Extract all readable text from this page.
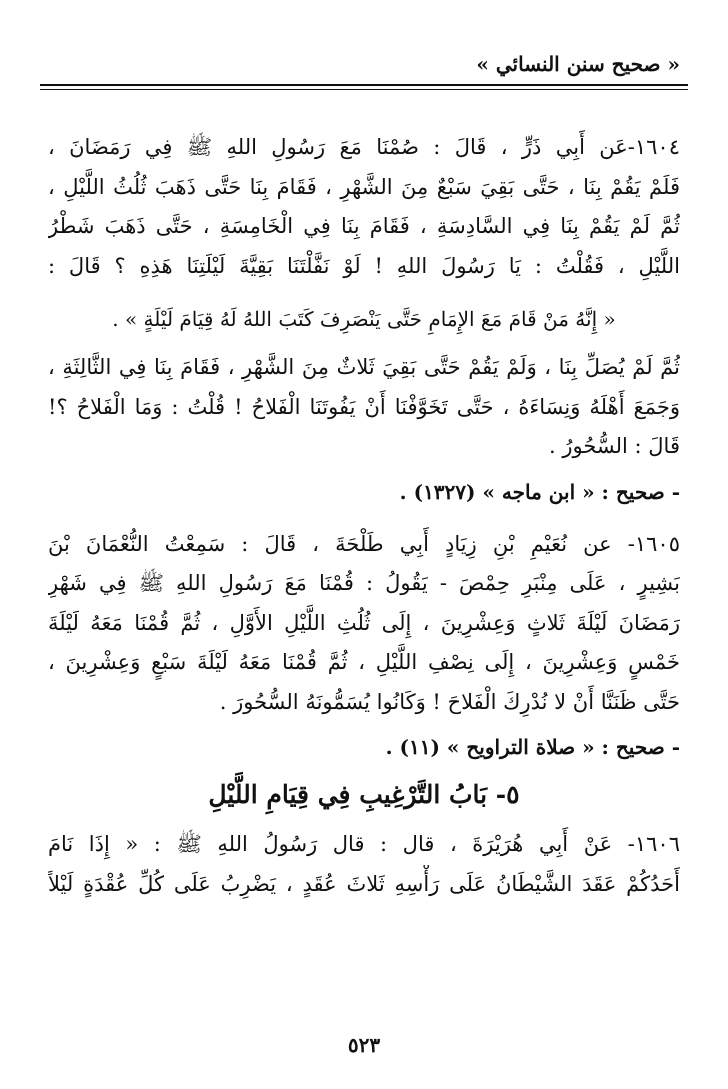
« صحيح سنن النسائي »
١٦٠٤-عَن أَبِي ذَرٍّ ، قَالَ : صُمْنَا مَعَ رَسُولِ اللهِ ﷺ فِي رَمَضَانَ ،
فَلَمْ يَقُمْ بِنَا ، حَتَّى بَقِيَ سَبْعٌ مِنَ الشَّهْرِ ، فَقَامَ بِنَا حَتَّى ذَهَبَ ثُلُثُ اللَّيْلِ ،
ثُمَّ لَمْ يَقُمْ بِنَا فِي السَّادِسَةِ ، فَقَامَ بِنَا فِي الْخَامِسَةِ ، حَتَّى ذَهَبَ شَطْرُ
اللَّيْلِ ، فَقُلْتُ : يَا رَسُولَ اللهِ ! لَوْ نَفَّلْتَنَا بَقِيَّةَ لَيْلَتِنَا هَذِهِ ؟ قَالَ :
« إِنَّهُ مَنْ قَامَ مَعَ الإِمَامِ حَتَّى يَنْصَرِفَ كَتَبَ اللهُ لَهُ قِيَامَ لَيْلَةٍ » .
ثُمَّ لَمْ يُصَلِّ بِنَا ، وَلَمْ يَقُمْ حَتَّى بَقِيَ ثَلاثٌ مِنَ الشَّهْرِ ، فَقَامَ بِنَا فِي الثَّالِثَةِ ،
وَجَمَعَ أَهْلَهُ وَنِسَاءَهُ ، حَتَّى تَخَوَّفْنَا أَنْ يَفُوتَنَا الْفَلاحُ ! قُلْتُ : وَمَا الْفَلاحُ ؟!
قَالَ : السُّحُورُ .
- صحيح : « ابن ماجه » (١٣٢٧) .
١٦٠٥- عن نُعَيْمِ بْنِ زِيَادٍ أَبِي طَلْحَةَ ، قَالَ : سَمِعْتُ النُّعْمَانَ بْنَ
بَشِيرٍ ، عَلَى مِنْبَرِ حِمْصَ - يَقُولُ : قُمْنَا مَعَ رَسُولِ اللهِ ﷺ فِي شَهْرِ
رَمَضَانَ لَيْلَةَ ثَلاثٍ وَعِشْرِينَ ، إِلَى ثُلُثِ اللَّيْلِ الأَوَّلِ ، ثُمَّ قُمْنَا مَعَهُ لَيْلَةَ
خَمْسٍ وَعِشْرِينَ ، إِلَى نِصْفِ اللَّيْلِ ، ثُمَّ قُمْنَا مَعَهُ لَيْلَةَ سَبْعٍ وَعِشْرِينَ ،
حَتَّى ظَنَنَّا أَنْ لا نُدْرِكَ الْفَلاحَ ! وَكَانُوا يُسَمُّونَهُ السُّحُورَ .
- صحيح : « صلاة التراويح » (١١) .
٥- بَابُ التَّرْغِيبِ فِي قِيَامِ اللَّيْلِ
١٦٠٦- عَنْ أَبِي هُرَيْرَةَ ، قال : قال رَسُولُ اللهِ ﷺ : « إِذَا نَامَ
أَحَدُكُمْ عَقَدَ الشَّيْطَانُ عَلَى رَأْسِهِ ثَلاثَ عُقَدٍ ، يَضْرِبُ عَلَى كُلِّ عُقْدَةٍ لَيْلاً
٥٢٣
